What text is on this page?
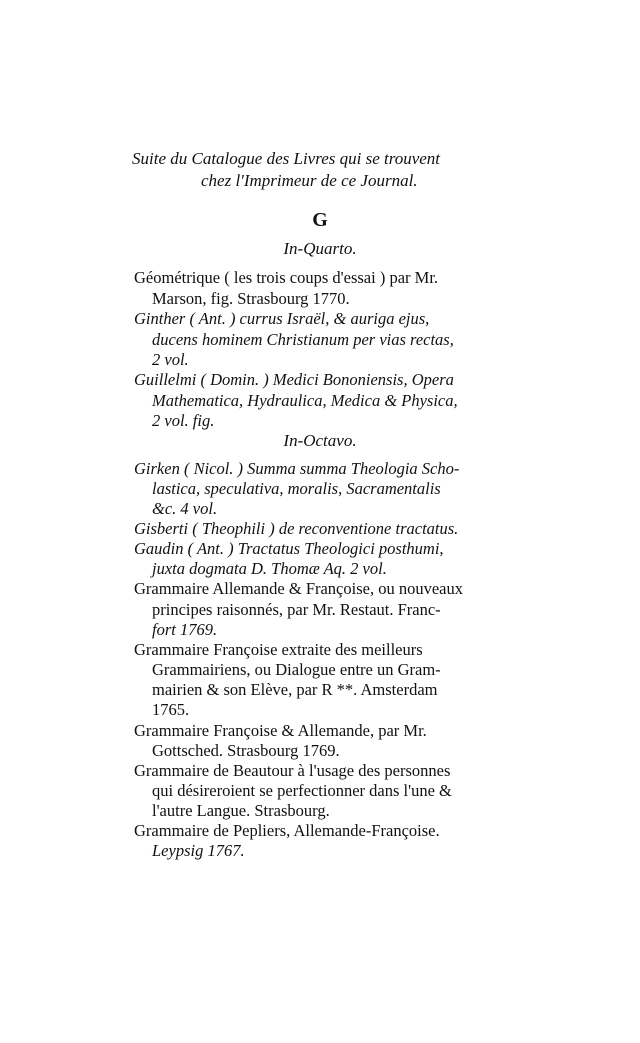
Suite du Catalogue des Livres qui se trouvent
chez l'Imprimeur de ce Journal.
G
In-Quarto.
Géométrique ( les trois coups d'essai ) par Mr.
Marson, fig. Strasbourg 1770.
Ginther ( Ant. ) currus Israël, & auriga ejus,
ducens hominem Christianum per vias rectas,
2 vol.
Guillelmi ( Domin. ) Medici Bononiensis, Opera
Mathematica, Hydraulica, Medica & Physica,
2 vol. fig.
In-Octavo.
Girken ( Nicol. ) Summa summa Theologia Scho-
lastica, speculativa, moralis, Sacramentalis
&c. 4 vol.
Gisberti ( Theophili ) de reconventione tractatus.
Gaudin ( Ant. ) Tractatus Theologici posthumi,
juxta dogmata D. Thomæ Aq. 2 vol.
Grammaire Allemande & Françoise, ou nouveaux
principes raisonnés, par Mr. Restaut. Franc-
fort 1769.
Grammaire Françoise extraite des meilleurs
Grammairiens, ou Dialogue entre un Gram-
mairien & son Elève, par R **. Amsterdam
1765.
Grammaire Françoise & Allemande, par Mr.
Gottsched. Strasbourg 1769.
Grammaire de Beautour à l'usage des personnes
qui désireroient se perfectionner dans l'une &
l'autre Langue. Strasbourg.
Grammaire de Pepliers, Allemande-Françoise.
Leypsig 1767.
